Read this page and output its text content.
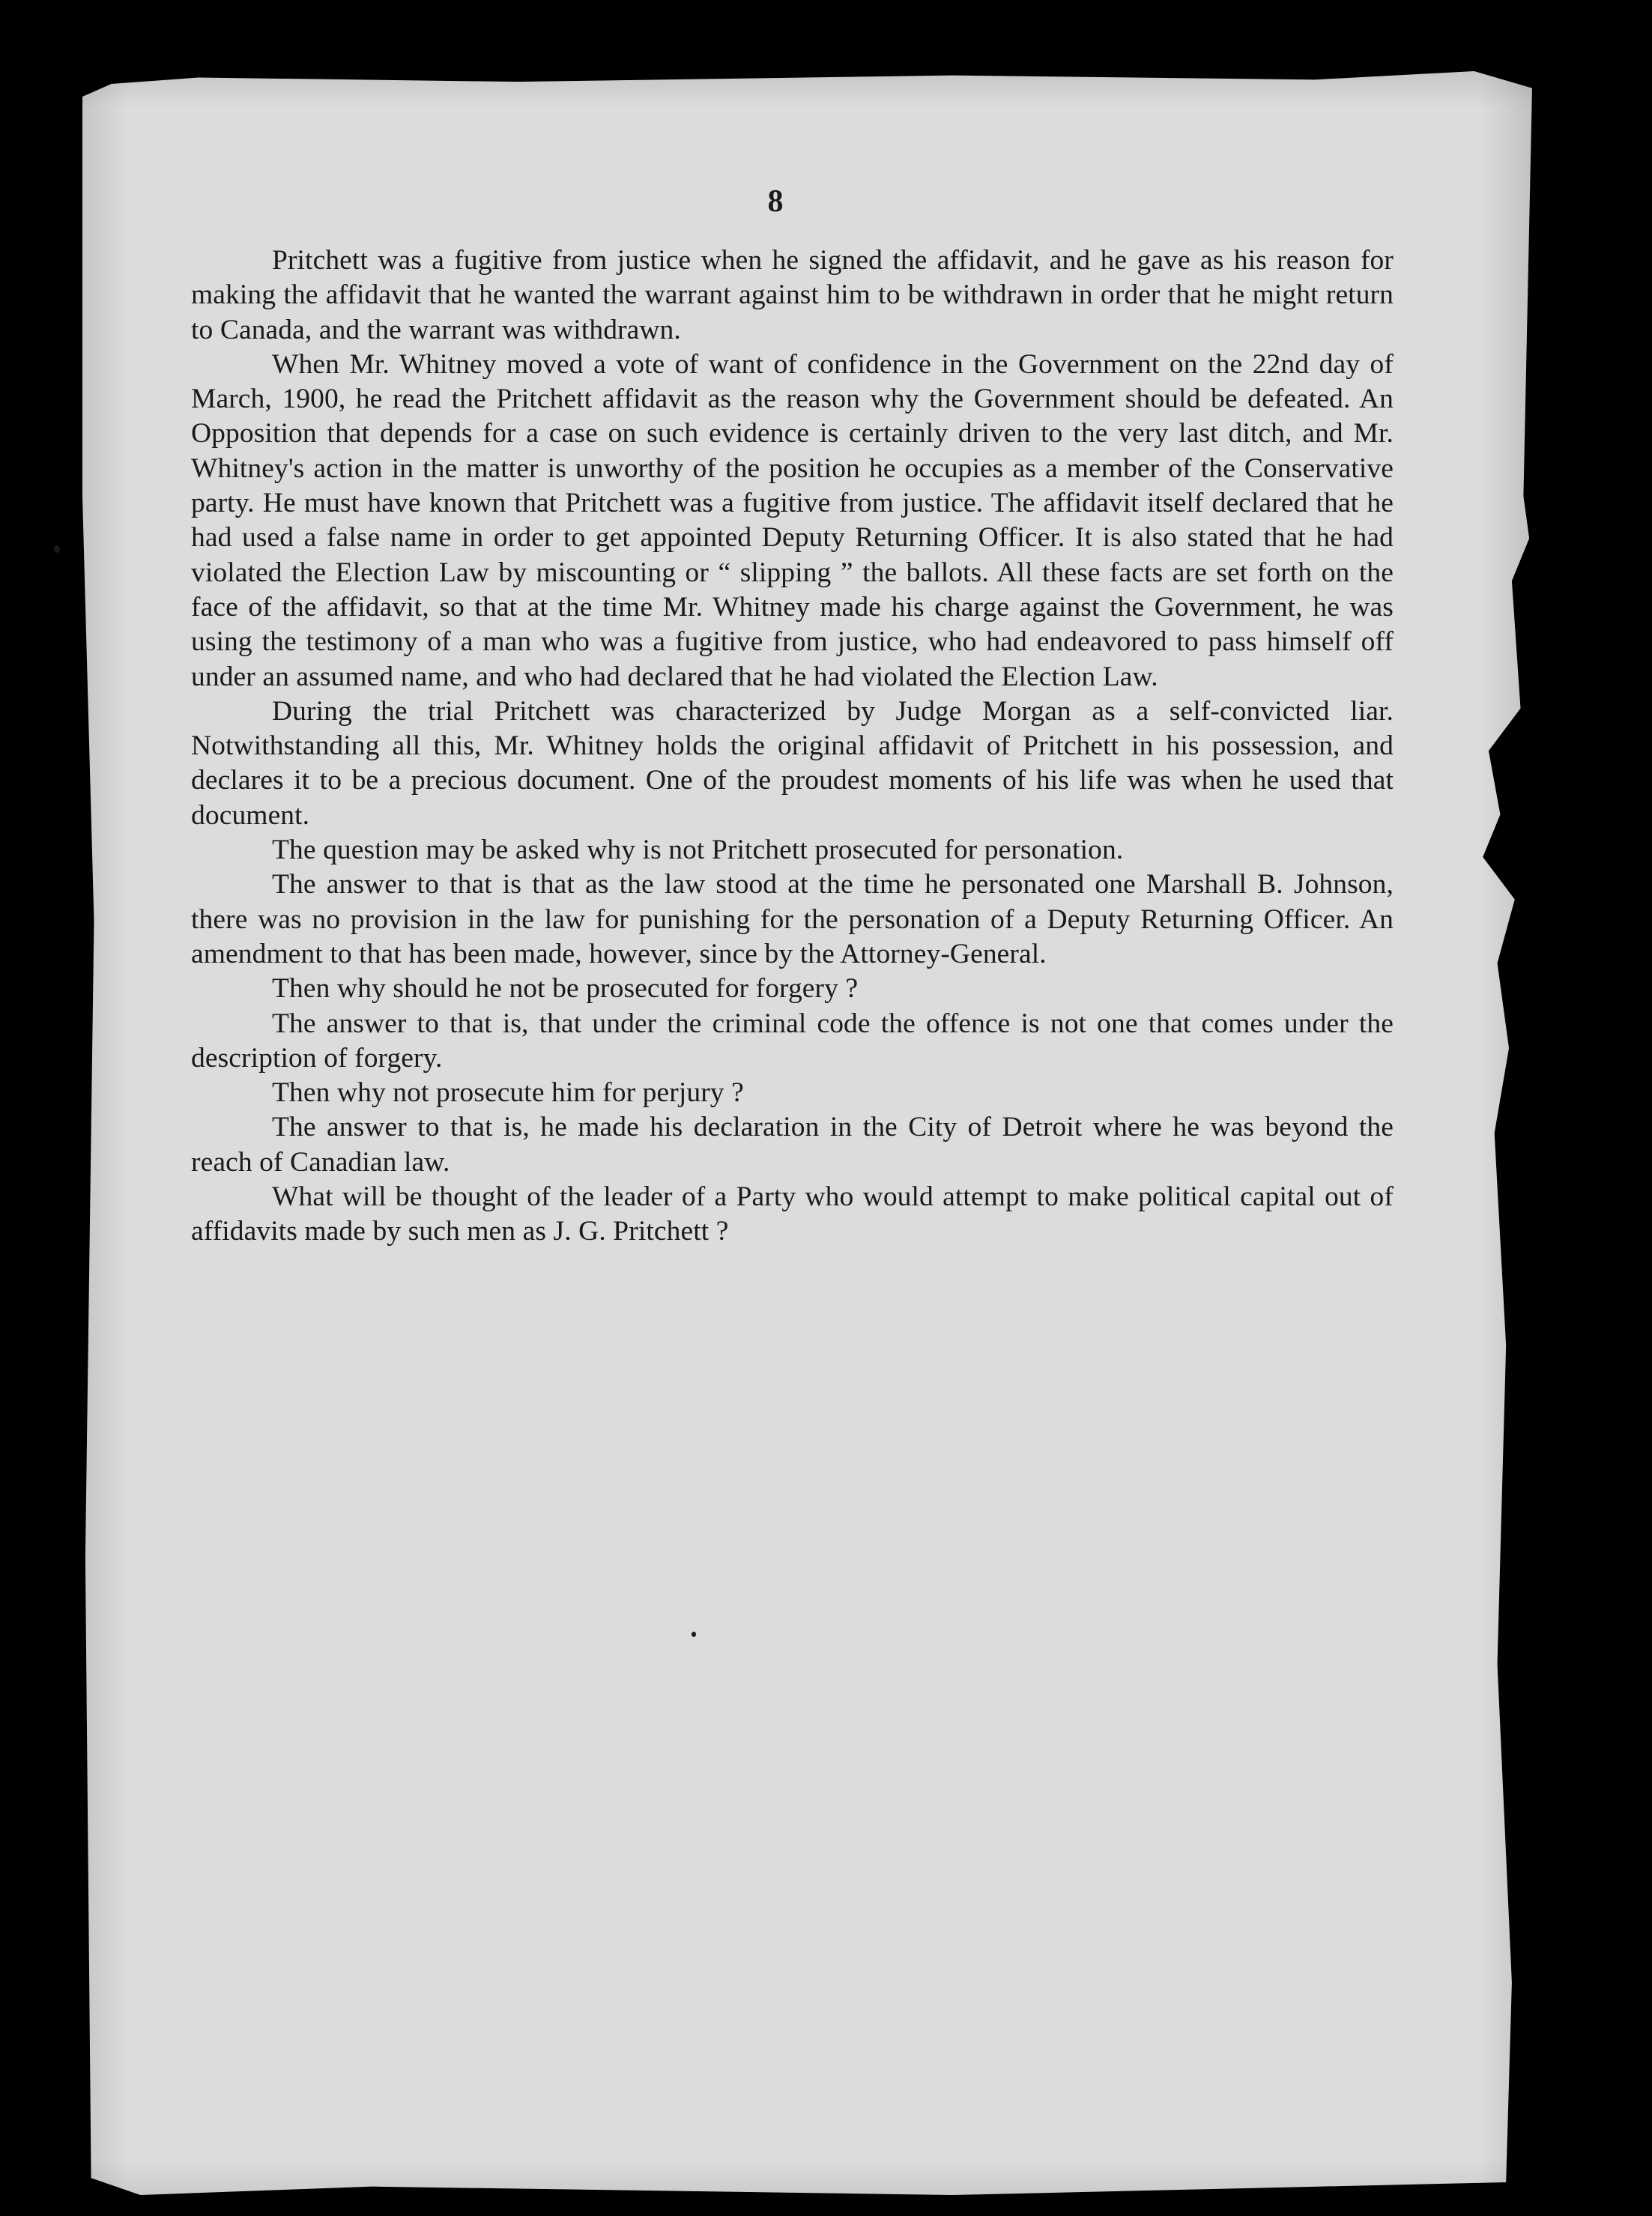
8

Pritchett was a fugitive from justice when he signed the affidavit, and he gave as his reason for making the affidavit that he wanted the warrant against him to be withdrawn in order that he might return to Canada, and the warrant was withdrawn.

When Mr. Whitney moved a vote of want of confidence in the Government on the 22nd day of March, 1900, he read the Pritchett affidavit as the reason why the Government should be defeated. An Opposition that depends for a case on such evidence is certainly driven to the very last ditch, and Mr. Whitney's action in the matter is unworthy of the position he occupies as a member of the Conservative party. He must have known that Pritchett was a fugitive from justice. The affidavit itself declared that he had used a false name in order to get appointed Deputy Returning Officer. It is also stated that he had violated the Election Law by miscounting or “ slipping ” the ballots. All these facts are set forth on the face of the affidavit, so that at the time Mr. Whitney made his charge against the Government, he was using the testimony of a man who was a fugitive from justice, who had endeavored to pass himself off under an assumed name, and who had declared that he had violated the Election Law.

During the trial Pritchett was characterized by Judge Morgan as a self-convicted liar. Notwithstanding all this, Mr. Whitney holds the original affidavit of Pritchett in his possession, and declares it to be a precious document. One of the proudest moments of his life was when he used that document.

The question may be asked why is not Pritchett prosecuted for personation.

The answer to that is that as the law stood at the time he personated one Marshall B. Johnson, there was no provision in the law for punishing for the personation of a Deputy Returning Officer. An amendment to that has been made, however, since by the Attorney-General.

Then why should he not be prosecuted for forgery ?

The answer to that is, that under the criminal code the offence is not one that comes under the description of forgery.

Then why not prosecute him for perjury ?

The answer to that is, he made his declaration in the City of Detroit where he was beyond the reach of Canadian law.

What will be thought of the leader of a Party who would attempt to make political capital out of affidavits made by such men as J. G. Pritchett ?
